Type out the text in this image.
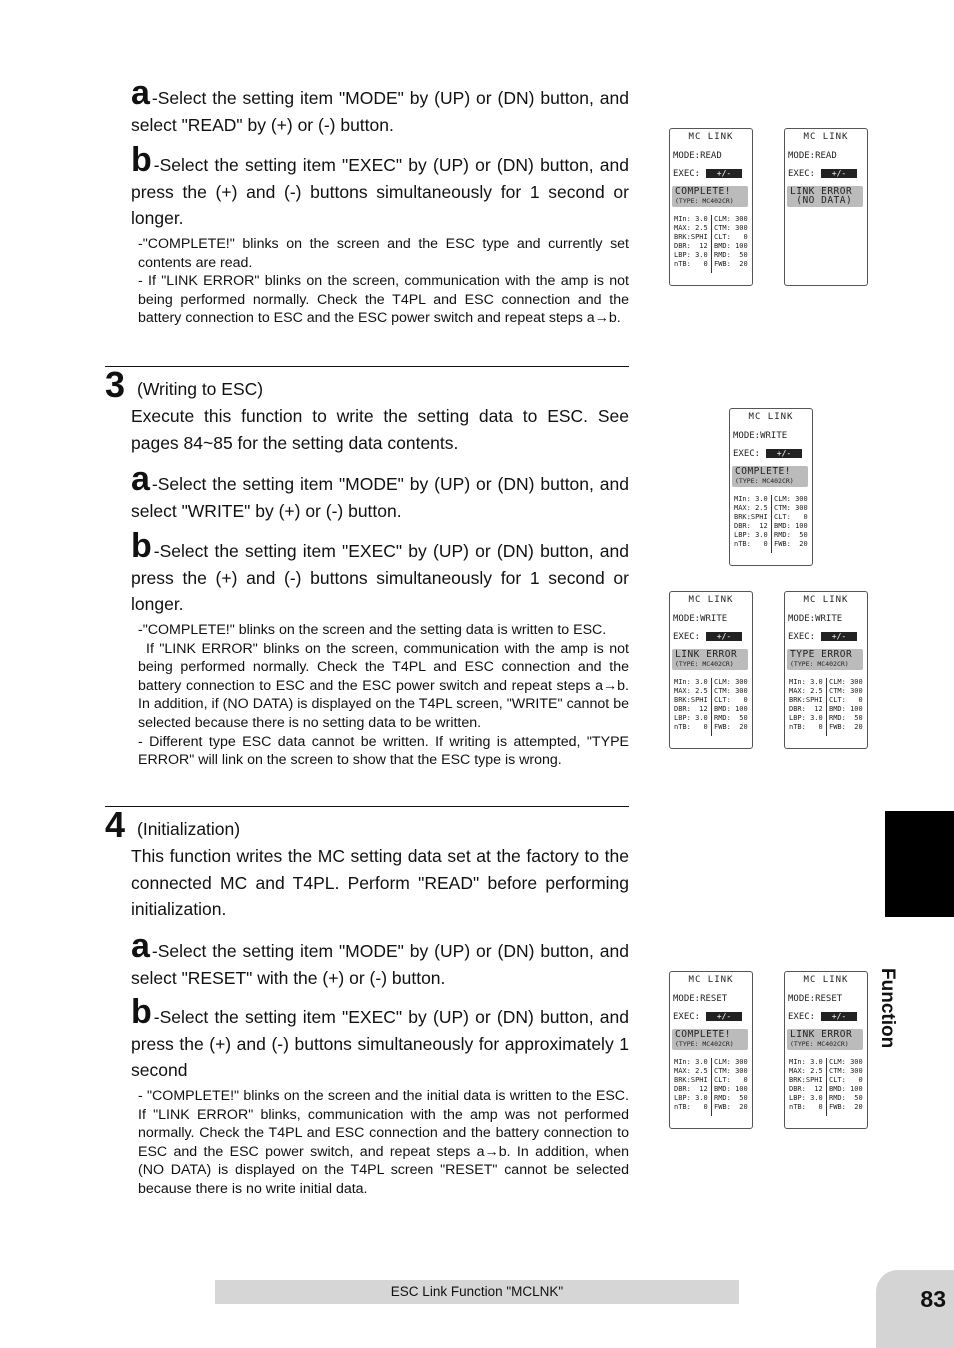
a -Select the setting item "MODE" by (UP) or (DN) button, and select "READ" by (+) or (-) button.

b -Select the setting item "EXEC" by (UP) or (DN) button, and press the (+) and (-) buttons simultaneously for 1 second or longer.

-"COMPLETE!" blinks on the screen and the ESC type and currently set contents are read.

- If "LINK ERROR" blinks on the screen, communication with the amp is not being performed normally. Check the T4PL and ESC connection and the battery connection to ESC and the ESC power switch and repeat steps a→b.

3 (Writing to ESC)

Execute this function to write the setting data to ESC. See pages 84~85 for the setting data contents.

a -Select the setting item "MODE" by (UP) or (DN) button, and select "WRITE" by (+) or (-) button.

b -Select the setting item "EXEC" by (UP) or (DN) button, and press the (+) and (-) buttons simultaneously for 1 second or longer.

-"COMPLETE!" blinks on the screen and the setting data is written to ESC.

If "LINK ERROR" blinks on the screen, communication with the amp is not being performed normally. Check the T4PL and ESC connection and the battery connection to ESC and the ESC power switch and repeat steps a→b. In addition, if (NO DATA) is displayed on the T4PL screen, "WRITE" cannot be selected because there is no setting data to be written.

- Different type ESC data cannot be written. If writing is attempted, "TYPE ERROR" will link on the screen to show that the ESC type is wrong.

4 (Initialization)

This function writes the MC setting data set at the factory to the connected MC and T4PL. Perform "READ" before performing initialization.

a -Select the setting item "MODE" by (UP) or (DN) button, and select "RESET" with the (+) or (-) button.

b -Select the setting item "EXEC" by (UP) or (DN) button, and press the (+) and (-) buttons simultaneously for approximately 1 second

- "COMPLETE!" blinks on the screen and the initial data is written to the ESC. If "LINK ERROR" blinks, communication with the amp was not performed normally. Check the T4PL and ESC connection and the battery connection to ESC and the ESC power switch, and repeat steps a→b. In addition, when (NO DATA) is displayed on the T4PL screen "RESET" cannot be selected because there is no write initial data.

MC LINK
MODE:READ
EXEC:	+/-
COMPLETE!
(TYPE: MC402CR)
MIn: 3.0
MAX: 2.5
BRK:SPHI
DBR:  12
LBP: 3.0
nTB:   0
CLM: 300
CTM: 300
CLT:   0
BMD: 100
RMD:  50
FWB:  20
MC LINK
MODE:READ
EXEC:	+/-
LINK ERROR
(NO DATA)
MC LINK
MODE:WRITE
EXEC:	+/-
COMPLETE!
(TYPE: MC402CR)
MIn: 3.0
MAX: 2.5
BRK:SPHI
DBR:  12
LBP: 3.0
nTB:   0
CLM: 300
CTM: 300
CLT:   0
BMD: 100
RMD:  50
FWB:  20
MC LINK
MODE:WRITE
EXEC:	+/-
LINK ERROR
(TYPE: MC402CR)
MIn: 3.0
MAX: 2.5
BRK:SPHI
DBR:  12
LBP: 3.0
nTB:   0
CLM: 300
CTM: 300
CLT:   0
BMD: 100
RMD:  50
FWB:  20
MC LINK
MODE:WRITE
EXEC:	+/-
TYPE ERROR
(TYPE: MC402CR)
MIn: 3.0
MAX: 2.5
BRK:SPHI
DBR:  12
LBP: 3.0
nTB:   0
CLM: 300
CTM: 300
CLT:   0
BMD: 100
RMD:  50
FWB:  20
MC LINK
MODE:RESET
EXEC:	+/-
COMPLETE!
(TYPE: MC402CR)
MIn: 3.0
MAX: 2.5
BRK:SPHI
DBR:  12
LBP: 3.0
nTB:   0
CLM: 300
CTM: 300
CLT:   0
BMD: 100
RMD:  50
FWB:  20
MC LINK
MODE:RESET
EXEC:	+/-
LINK ERROR
(TYPE: MC402CR)
MIn: 3.0
MAX: 2.5
BRK:SPHI
DBR:  12
LBP: 3.0
nTB:   0
CLM: 300
CTM: 300
CLT:   0
BMD: 100
RMD:  50
FWB:  20
Function
ESC Link Function "MCLNK"	83
